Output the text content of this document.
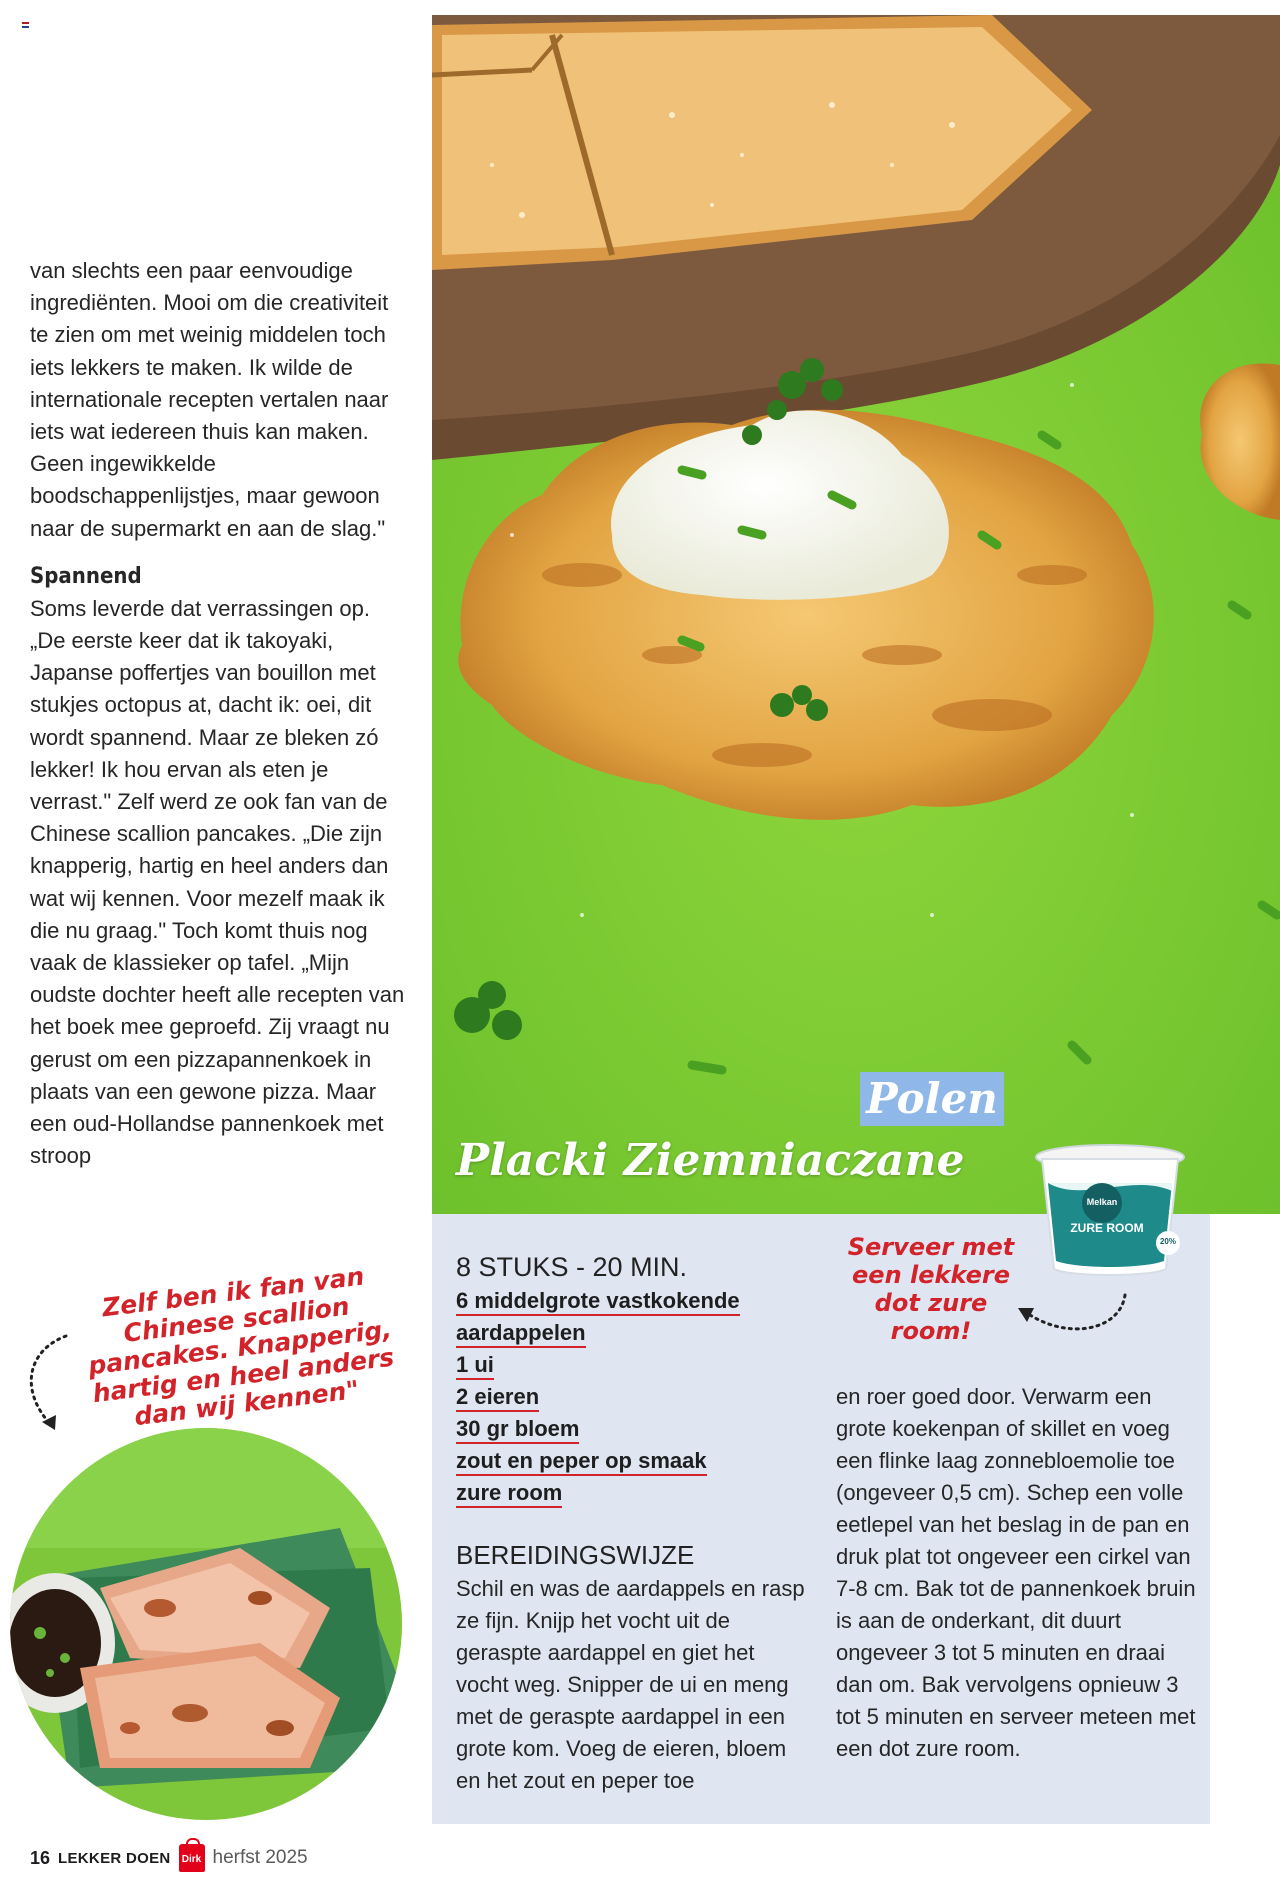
van slechts een paar eenvoudige ingrediënten. Mooi om die creativiteit te zien om met weinig middelen toch iets lekkers te maken. Ik wilde de internationale recepten vertalen naar iets wat iedereen thuis kan maken. Geen ingewikkelde boodschappenlijstjes, maar gewoon naar de supermarkt en aan de slag."

Spannend

Soms leverde dat verrassingen op. „De eerste keer dat ik takoyaki, Japanse poffertjes van bouillon met stukjes octopus at, dacht ik: oei, dit wordt spannend. Maar ze bleken zó lekker! Ik hou ervan als eten je verrast." Zelf werd ze ook fan van de Chinese scallion pancakes. „Die zijn knapperig, hartig en heel anders dan wat wij kennen. Voor mezelf maak ik die nu graag." Toch komt thuis nog vaak de klassieker op tafel. „Mijn oudste dochter heeft alle recepten van het boek mee geproefd. Zij vraagt nu gerust om een pizzapannenkoek in plaats van een gewone pizza. Maar een oud-Hollandse pannenkoek met stroop

Zelf ben ik fan van Chinese scallion pancakes. Knapperig, hartig en heel anders dan wij kennen"
Polen
Placki Ziemniaczane
8 STUKS - 20 MIN.
6 middelgrote vastkokende
aardappelen
1 ui
2 eieren
30 gr bloem
zout en peper op smaak
zure room
BEREIDINGSWIJZE

Schil en was de aardappels en rasp ze fijn. Knijp het vocht uit de geraspte aardappel en giet het vocht weg. Snipper de ui en meng met de geraspte aardappel in een grote kom. Voeg de eieren, bloem en het zout en peper toe

en roer goed door. Verwarm een grote koekenpan of skillet en voeg een flinke laag zonnebloemolie toe (ongeveer 0,5 cm). Schep een volle eetlepel van het beslag in de pan en druk plat tot ongeveer een cirkel van 7-8 cm. Bak tot de pannenkoek bruin is aan de onderkant, dit duurt ongeveer 3 tot 5 minuten en draai dan om. Bak vervolgens opnieuw 3 tot 5 minuten en serveer meteen met een dot zure room.

Serveer met een lekkere dot zure room!
Melkan
ZURE ROOM
20%
16 LEKKER DOEN	Dirk herfst 2025
